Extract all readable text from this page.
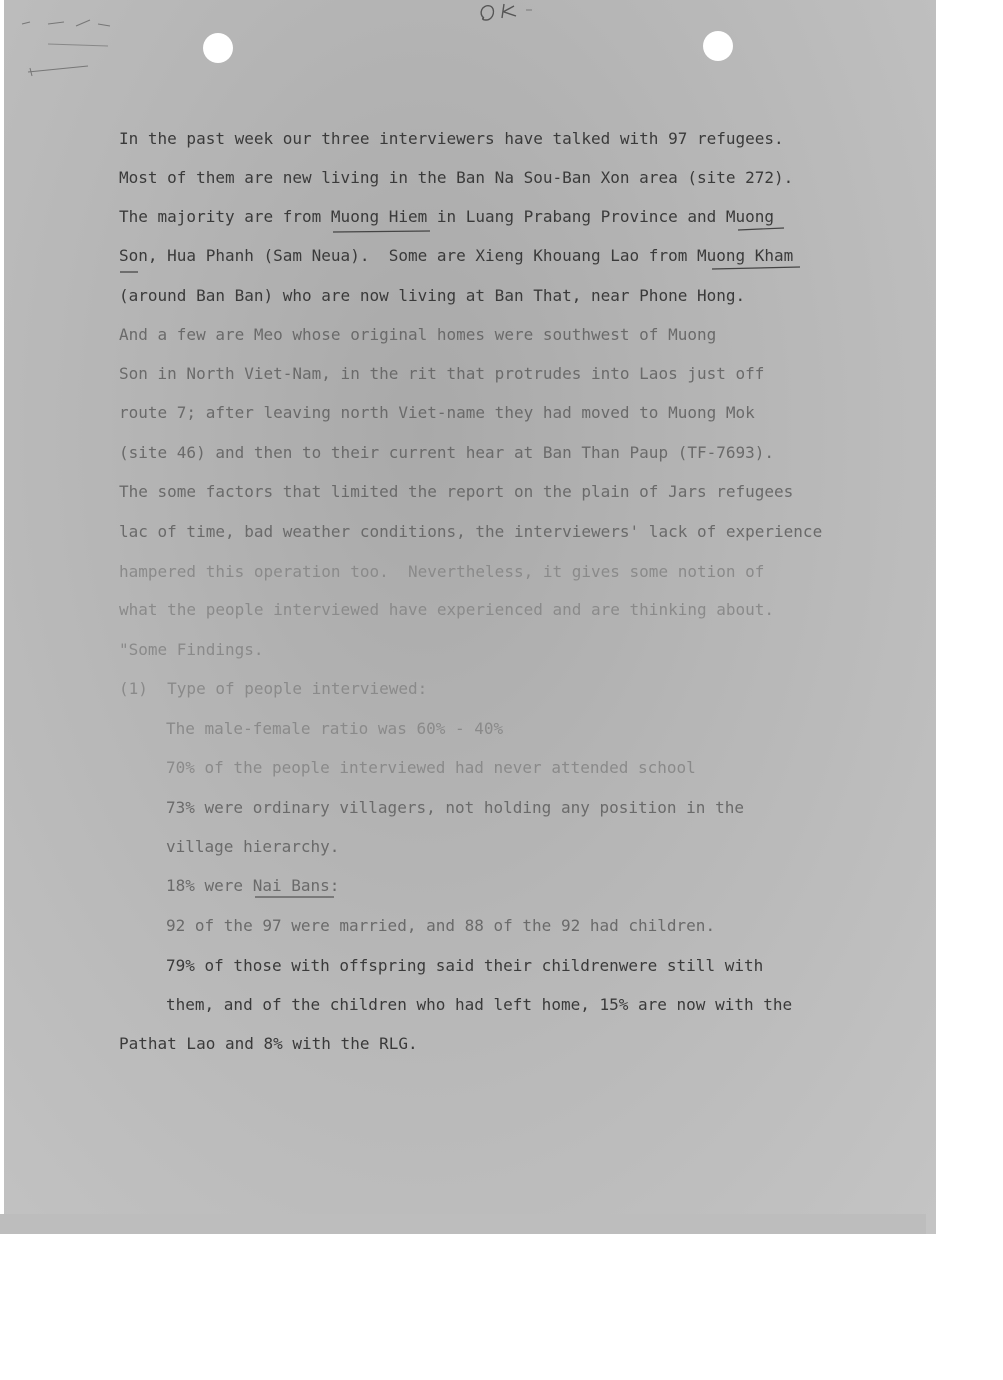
In the past week our three interviewers have talked with 97 refugees.
Most of them are new living in the Ban Na Sou-Ban Xon area (site 272).
The majority are from Muong Hiem in Luang Prabang Province and Muong
Son, Hua Phanh (Sam Neua).  Some are Xieng Khouang Lao from Muong Kham
(around Ban Ban) who are now living at Ban That, near Phone Hong.
And a few are Meo whose original homes were southwest of Muong
Son in North Viet-Nam, in the rit that protrudes into Laos just off
route 7; after leaving north Viet-name they had moved to Muong Mok
(site 46) and then to their current hear at Ban Than Paup (TF-7693).
The some factors that limited the report on the plain of Jars refugees
lac of time, bad weather conditions, the interviewers' lack of experience
hampered this operation too.  Nevertheless, it gives some notion of
what the people interviewed have experienced and are thinking about.
"Some Findings.
(1)  Type of people interviewed:
The male-female ratio was 60% - 40%
70% of the people interviewed had never attended school
73% were ordinary villagers, not holding any position in the
village hierarchy.
18% were Nai Bans:
92 of the 97 were married, and 88 of the 92 had children.
79% of those with offspring said their childrenwere still with
them, and of the children who had left home, 15% are now with the
Pathat Lao and 8% with the RLG.
